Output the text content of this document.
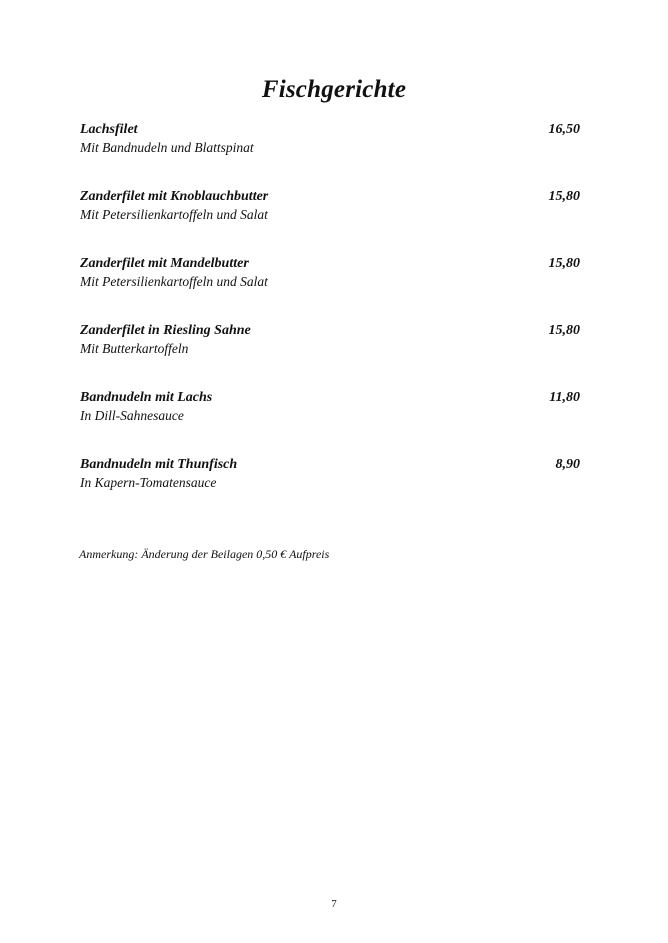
Fischgerichte
Lachsfilet	16,50
Mit Bandnudeln und Blattspinat
Zanderfilet mit Knoblauchbutter	15,80
Mit Petersilienkartoffeln und Salat
Zanderfilet mit Mandelbutter	15,80
Mit Petersilienkartoffeln und Salat
Zanderfilet in Riesling Sahne	15,80
Mit Butterkartoffeln
Bandnudeln mit Lachs	11,80
In Dill-Sahnesauce
Bandnudeln mit Thunfisch	8,90
In Kapern-Tomatensauce
Anmerkung: Änderung der Beilagen 0,50 € Aufpreis
7
